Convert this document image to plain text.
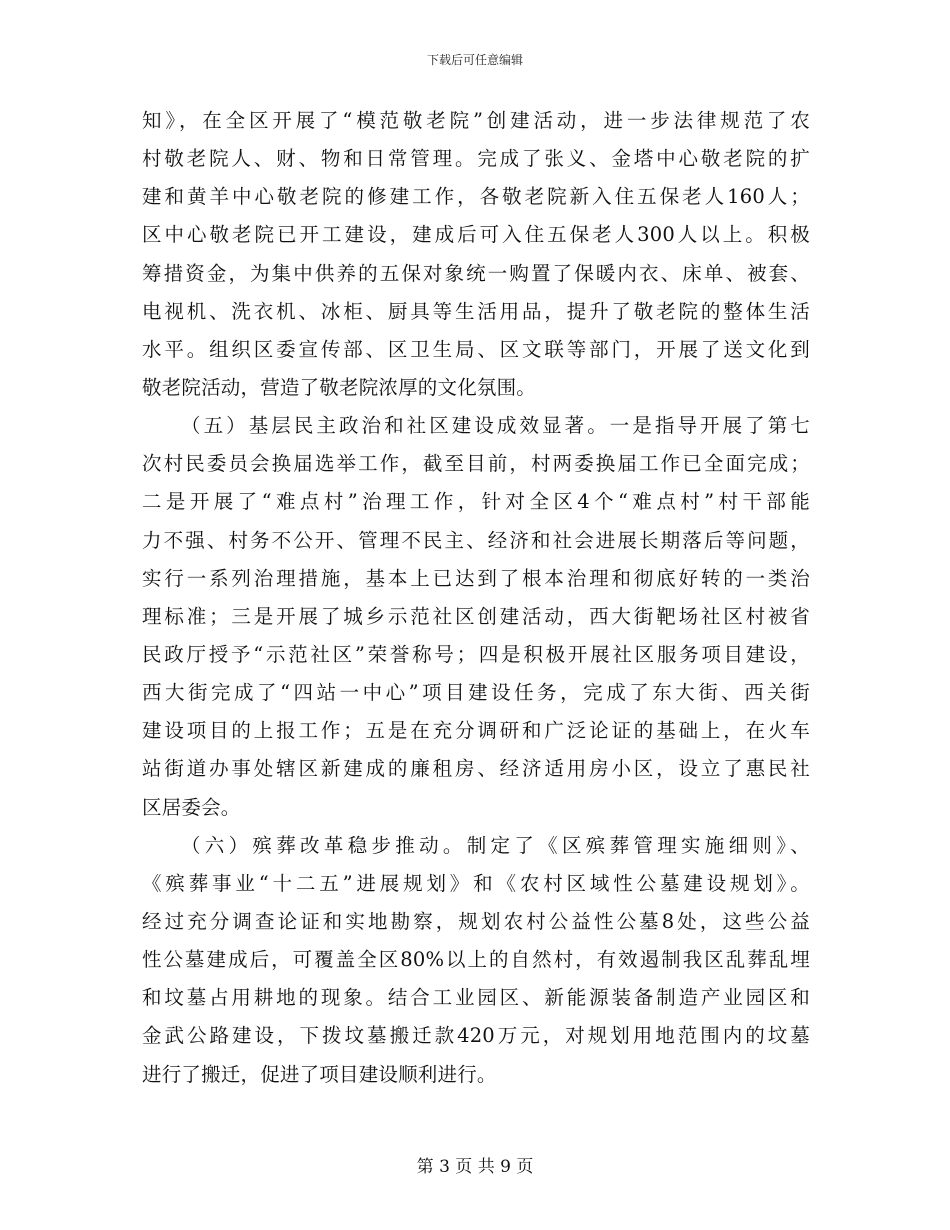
下载后可任意编辑
知》，在全区开展了“模范敬老院”创建活动，进一步法律规范了农
村敬老院人、财、物和日常管理。完成了张义、金塔中心敬老院的扩
建和黄羊中心敬老院的修建工作，各敬老院新入住五保老人160人；
区中心敬老院已开工建设，建成后可入住五保老人300人以上。积极
筹措资金，为集中供养的五保对象统一购置了保暖内衣、床单、被套、
电视机、洗衣机、冰柜、厨具等生活用品，提升了敬老院的整体生活
水平。组织区委宣传部、区卫生局、区文联等部门，开展了送文化到
敬老院活动，营造了敬老院浓厚的文化氛围。
（五）基层民主政治和社区建设成效显著。一是指导开展了第七
次村民委员会换届选举工作，截至目前，村两委换届工作已全面完成；
二是开展了“难点村”治理工作，针对全区4个“难点村”村干部能
力不强、村务不公开、管理不民主、经济和社会进展长期落后等问题，
实行一系列治理措施，基本上已达到了根本治理和彻底好转的一类治
理标准；三是开展了城乡示范社区创建活动，西大街靶场社区村被省
民政厅授予“示范社区”荣誉称号；四是积极开展社区服务项目建设，
西大街完成了“四站一中心”项目建设任务，完成了东大街、西关街
建设项目的上报工作；五是在充分调研和广泛论证的基础上，在火车
站街道办事处辖区新建成的廉租房、经济适用房小区，设立了惠民社
区居委会。
（六）殡葬改革稳步推动。制定了《区殡葬管理实施细则》、
《殡葬事业“十二五”进展规划》和《农村区域性公墓建设规划》。
经过充分调查论证和实地勘察，规划农村公益性公墓8处，这些公益
性公墓建成后，可覆盖全区80%以上的自然村，有效遏制我区乱葬乱埋
和坟墓占用耕地的现象。结合工业园区、新能源装备制造产业园区和
金武公路建设，下拨坟墓搬迁款420万元，对规划用地范围内的坟墓
进行了搬迁，促进了项目建设顺利进行。
第 3 页 共 9 页
